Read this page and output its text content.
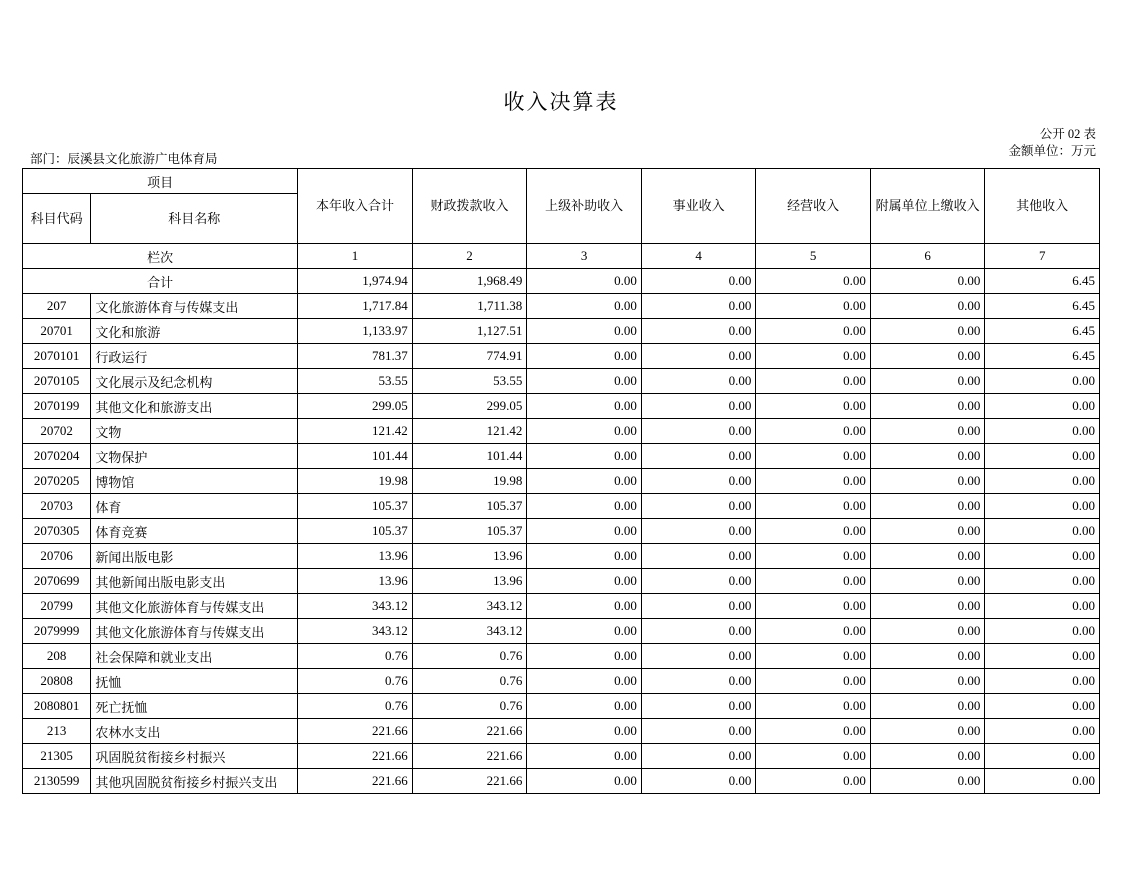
收入决算表
部门：辰溪县文化旅游广电体育局
公开 02 表
金额单位：万元
项目		本年收入合计	财政拨款收入	上级补助收入	事业收入	经营收入	附属单位上缴收入	其他收入
科目代码	科目名称							
栏次		1	2	3	4	5	6	7
合计		1,974.94	1,968.49	0.00	0.00	0.00	0.00	6.45
207	文化旅游体育与传媒支出	1,717.84	1,711.38	0.00	0.00	0.00	0.00	6.45
20701	文化和旅游	1,133.97	1,127.51	0.00	0.00	0.00	0.00	6.45
2070101	行政运行	781.37	774.91	0.00	0.00	0.00	0.00	6.45
2070105	文化展示及纪念机构	53.55	53.55	0.00	0.00	0.00	0.00	0.00
2070199	其他文化和旅游支出	299.05	299.05	0.00	0.00	0.00	0.00	0.00
20702	文物	121.42	121.42	0.00	0.00	0.00	0.00	0.00
2070204	文物保护	101.44	101.44	0.00	0.00	0.00	0.00	0.00
2070205	博物馆	19.98	19.98	0.00	0.00	0.00	0.00	0.00
20703	体育	105.37	105.37	0.00	0.00	0.00	0.00	0.00
2070305	体育竞赛	105.37	105.37	0.00	0.00	0.00	0.00	0.00
20706	新闻出版电影	13.96	13.96	0.00	0.00	0.00	0.00	0.00
2070699	其他新闻出版电影支出	13.96	13.96	0.00	0.00	0.00	0.00	0.00
20799	其他文化旅游体育与传媒支出	343.12	343.12	0.00	0.00	0.00	0.00	0.00
2079999	其他文化旅游体育与传媒支出	343.12	343.12	0.00	0.00	0.00	0.00	0.00
208	社会保障和就业支出	0.76	0.76	0.00	0.00	0.00	0.00	0.00
20808	抚恤	0.76	0.76	0.00	0.00	0.00	0.00	0.00
2080801	死亡抚恤	0.76	0.76	0.00	0.00	0.00	0.00	0.00
213	农林水支出	221.66	221.66	0.00	0.00	0.00	0.00	0.00
21305	巩固脱贫衔接乡村振兴	221.66	221.66	0.00	0.00	0.00	0.00	0.00
2130599	其他巩固脱贫衔接乡村振兴支出	221.66	221.66	0.00	0.00	0.00	0.00	0.00
